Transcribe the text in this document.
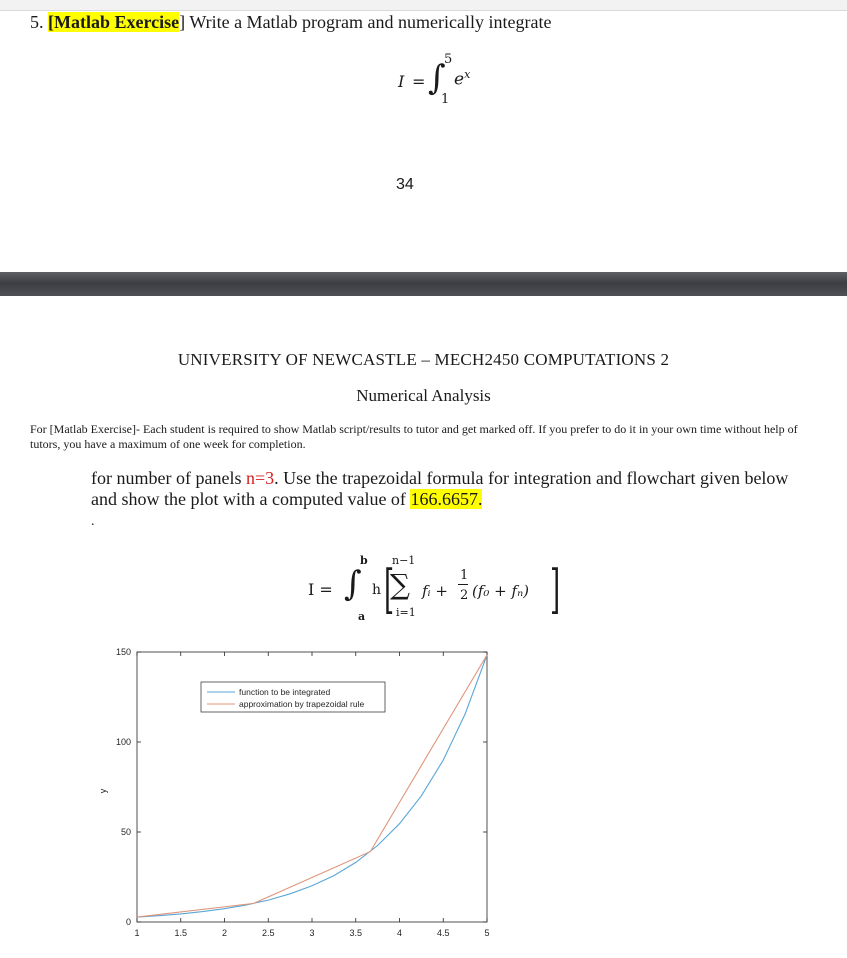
5. [Matlab Exercise] Write a Matlab program and numerically integrate
I = ∫
5
1
$e^x$
34
UNIVERSITY OF NEWCASTLE – MECH2450 COMPUTATIONS 2
Numerical Analysis
For [Matlab Exercise]- Each student is required to show Matlab script/results to tutor and get marked off. If you prefer to do it in your own time without help of tutors, you have a maximum of one week for completion.
for number of panels n=3. Use the trapezoidal formula for integration and flowchart given below and show the plot with a computed value of 166.6657.
.
I =
b
∫
a
h [
n−1
∑
i=1
fᵢ +
1
2 (f₀ + fₙ) ]
1	1.5	2	2.5	3	3.5	4	4.5	5
0
50
100
150
y
function to be integrated
approximation by trapezoidal rule
